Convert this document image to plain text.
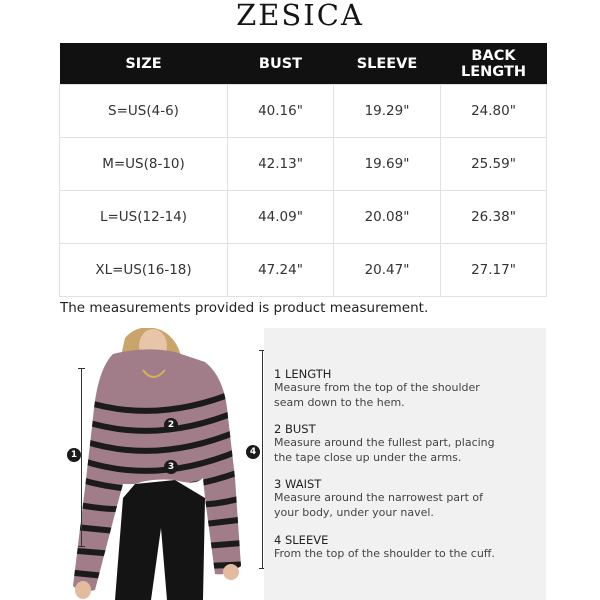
ZESICA
SIZE	BUST	SLEEVE	BACK
LENGTH
S=US(4-6)	40.16"	19.29"	24.80"
M=US(8-10)	42.13"	19.69"	25.59"
L=US(12-14)	44.09"	20.08"	26.38"
XL=US(16-18)	47.24"	20.47"	27.17"
The measurements provided is product measurement.
1
2
3
4
1 LENGTH
Measure from the top of the shoulder seam down to the hem.
2 BUST
Measure around the fullest part, placing the tape close up under the arms.
3 WAIST
Measure around the narrowest part of your body, under your navel.
4 SLEEVE
From the top of the shoulder to the cuff.
